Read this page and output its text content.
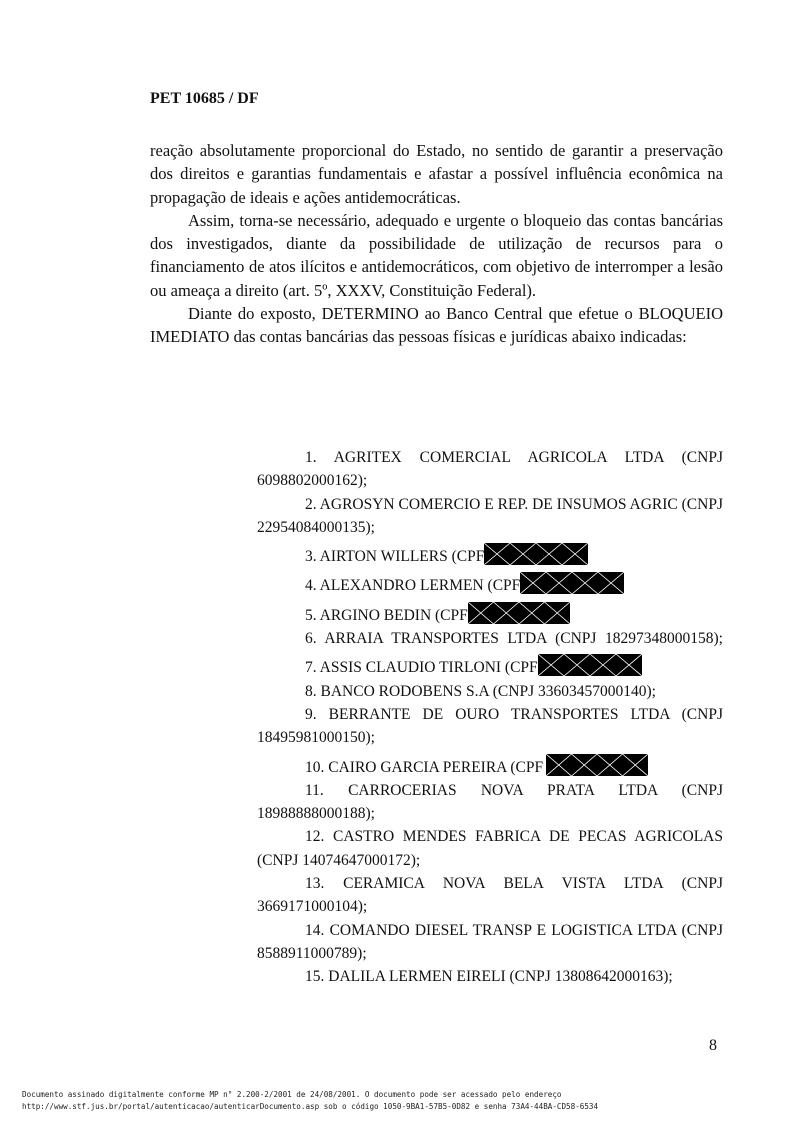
PET 10685 / DF

reação absolutamente proporcional do Estado, no sentido de garantir a preservação dos direitos e garantias fundamentais e afastar a possível influência econômica na propagação de ideais e ações antidemocráticas.

Assim, torna-se necessário, adequado e urgente o bloqueio das contas bancárias dos investigados, diante da possibilidade de utilização de recursos para o financiamento de atos ilícitos e antidemocráticos, com objetivo de interromper a lesão ou ameaça a direito (art. 5º, XXXV, Constituição Federal).

Diante do exposto, DETERMINO ao Banco Central que efetue o BLOQUEIO IMEDIATO das contas bancárias das pessoas físicas e jurídicas abaixo indicadas:

1. AGRITEX COMERCIAL AGRICOLA LTDA (CNPJ 6098802000162);

2. AGROSYN COMERCIO E REP. DE INSUMOS AGRIC (CNPJ 22954084000135);

3. AIRTON WILLERS (CPF

4. ALEXANDRO LERMEN (CPF

5. ARGINO BEDIN (CPF

6. ARRAIA TRANSPORTES LTDA (CNPJ 18297348000158);

7. ASSIS CLAUDIO TIRLONI (CPF

8. BANCO RODOBENS S.A (CNPJ 33603457000140);

9. BERRANTE DE OURO TRANSPORTES LTDA (CNPJ 18495981000150);

10. CAIRO GARCIA PEREIRA (CPF

11. CARROCERIAS NOVA PRATA LTDA (CNPJ 18988888000188);

12. CASTRO MENDES FABRICA DE PECAS AGRICOLAS (CNPJ 14074647000172);

13. CERAMICA NOVA BELA VISTA LTDA (CNPJ 3669171000104);

14. COMANDO DIESEL TRANSP E LOGISTICA LTDA (CNPJ 8588911000789);

15. DALILA LERMEN EIRELI (CNPJ 13808642000163);

8
Documento assinado digitalmente conforme MP n° 2.200-2/2001 de 24/08/2001. O documento pode ser acessado pelo endereço
http://www.stf.jus.br/portal/autenticacao/autenticarDocumento.asp sob o código 1050-9BA1-57B5-0D82 e senha 73A4-44BA-CD58-6534
